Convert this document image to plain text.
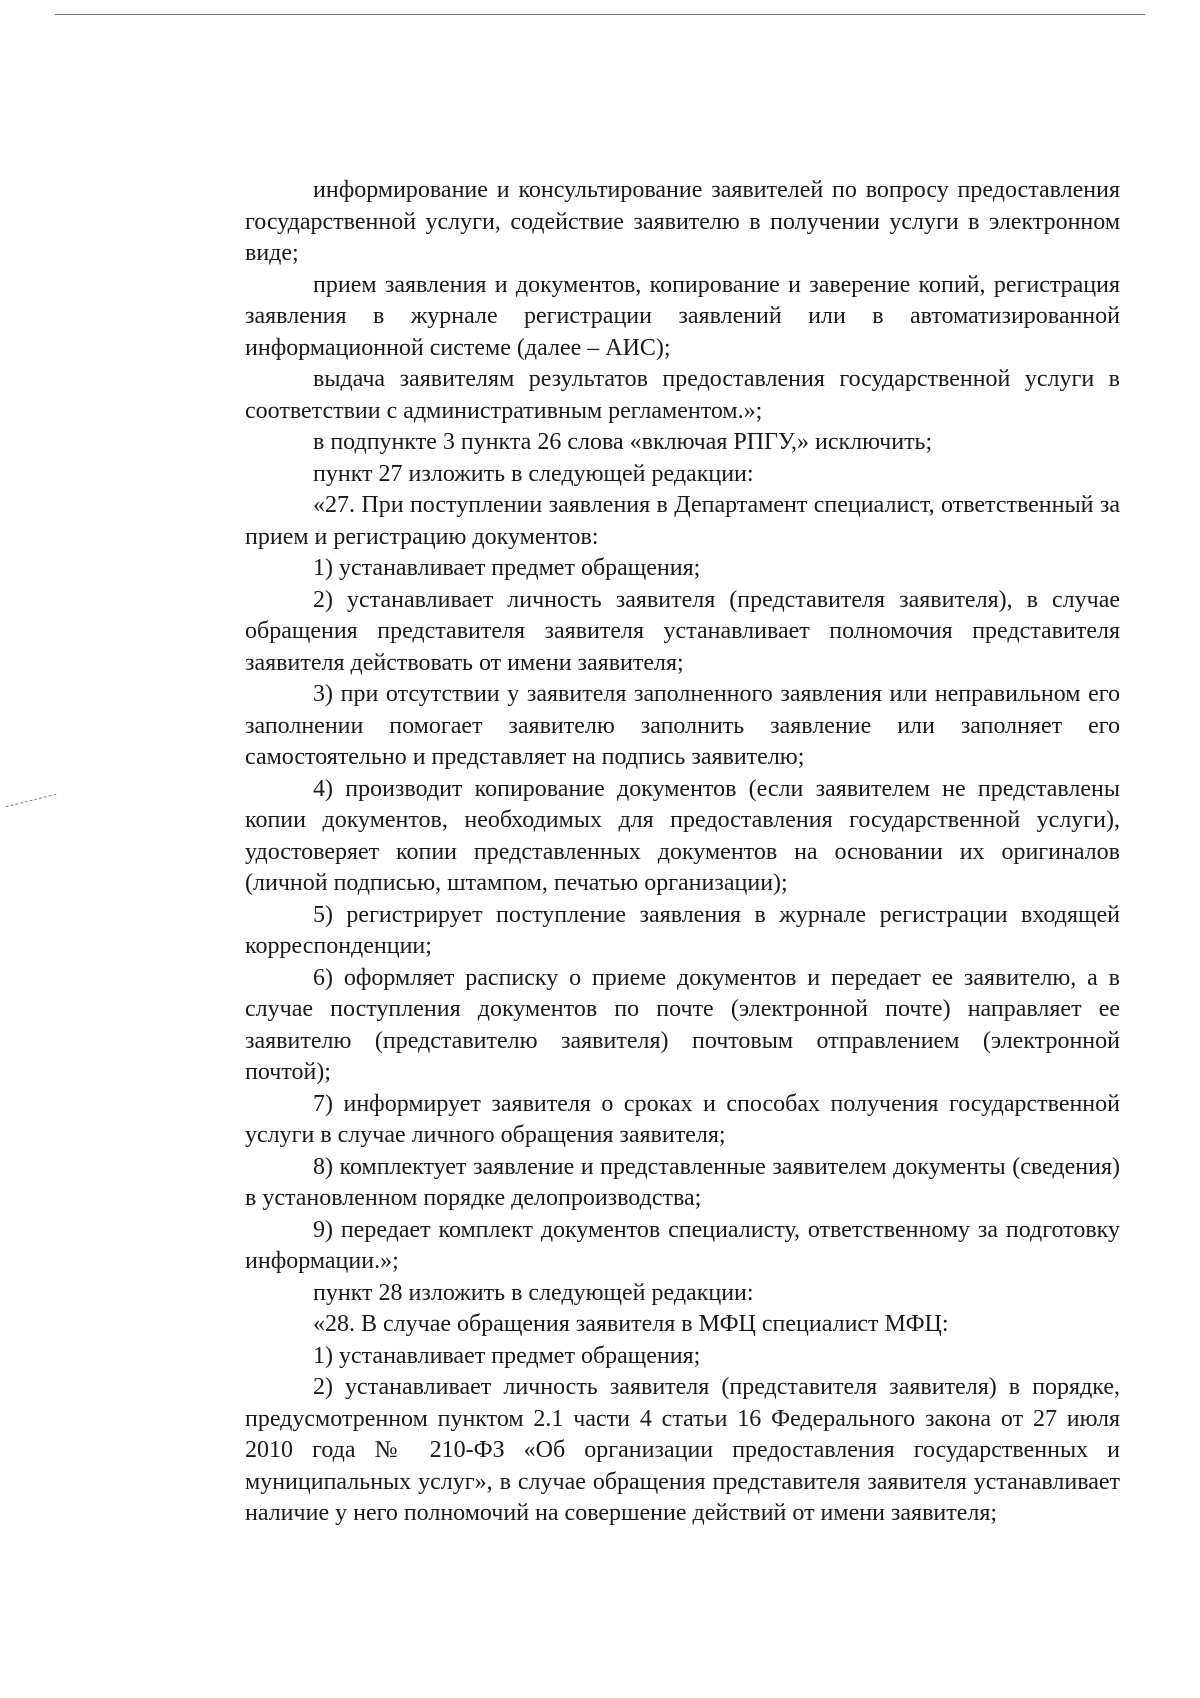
информирование и консультирование заявителей по вопросу предоставления государственной услуги, содействие заявителю в получении услуги в электронном виде;

прием заявления и документов, копирование и заверение копий, регистрация заявления в журнале регистрации заявлений или в автоматизированной информационной системе (далее – АИС);

выдача заявителям результатов предоставления государственной услуги в соответствии с административным регламентом.»;

в подпункте 3 пункта 26 слова «включая РПГУ,» исключить;

пункт 27 изложить в следующей редакции:

«27. При поступлении заявления в Департамент специалист, ответственный за прием и регистрацию документов:

1) устанавливает предмет обращения;

2) устанавливает личность заявителя (представителя заявителя), в случае обращения представителя заявителя устанавливает полномочия представителя заявителя действовать от имени заявителя;

3) при отсутствии у заявителя заполненного заявления или неправильном его заполнении помогает заявителю заполнить заявление или заполняет его самостоятельно и представляет на подпись заявителю;

4) производит копирование документов (если заявителем не представлены копии документов, необходимых для предоставления государственной услуги), удостоверяет копии представленных документов на основании их оригиналов (личной подписью, штампом, печатью организации);

5) регистрирует поступление заявления в журнале регистрации входящей корреспонденции;

6) оформляет расписку о приеме документов и передает ее заявителю, а в случае поступления документов по почте (электронной почте) направляет ее заявителю (представителю заявителя) почтовым отправлением (электронной почтой);

7) информирует заявителя о сроках и способах получения государственной услуги в случае личного обращения заявителя;

8) комплектует заявление и представленные заявителем документы (сведения) в установленном порядке делопроизводства;

9) передает комплект документов специалисту, ответственному за подготовку информации.»;

пункт 28 изложить в следующей редакции:

«28. В случае обращения заявителя в МФЦ специалист МФЦ:

1) устанавливает предмет обращения;

2) устанавливает личность заявителя (представителя заявителя) в порядке, предусмотренном пунктом 2.1 части 4 статьи 16 Федерального закона от 27 июля 2010 года № 210-ФЗ «Об организации предоставления государственных и муниципальных услуг», в случае обращения представителя заявителя устанавливает наличие у него полномочий на совершение действий от имени заявителя;
